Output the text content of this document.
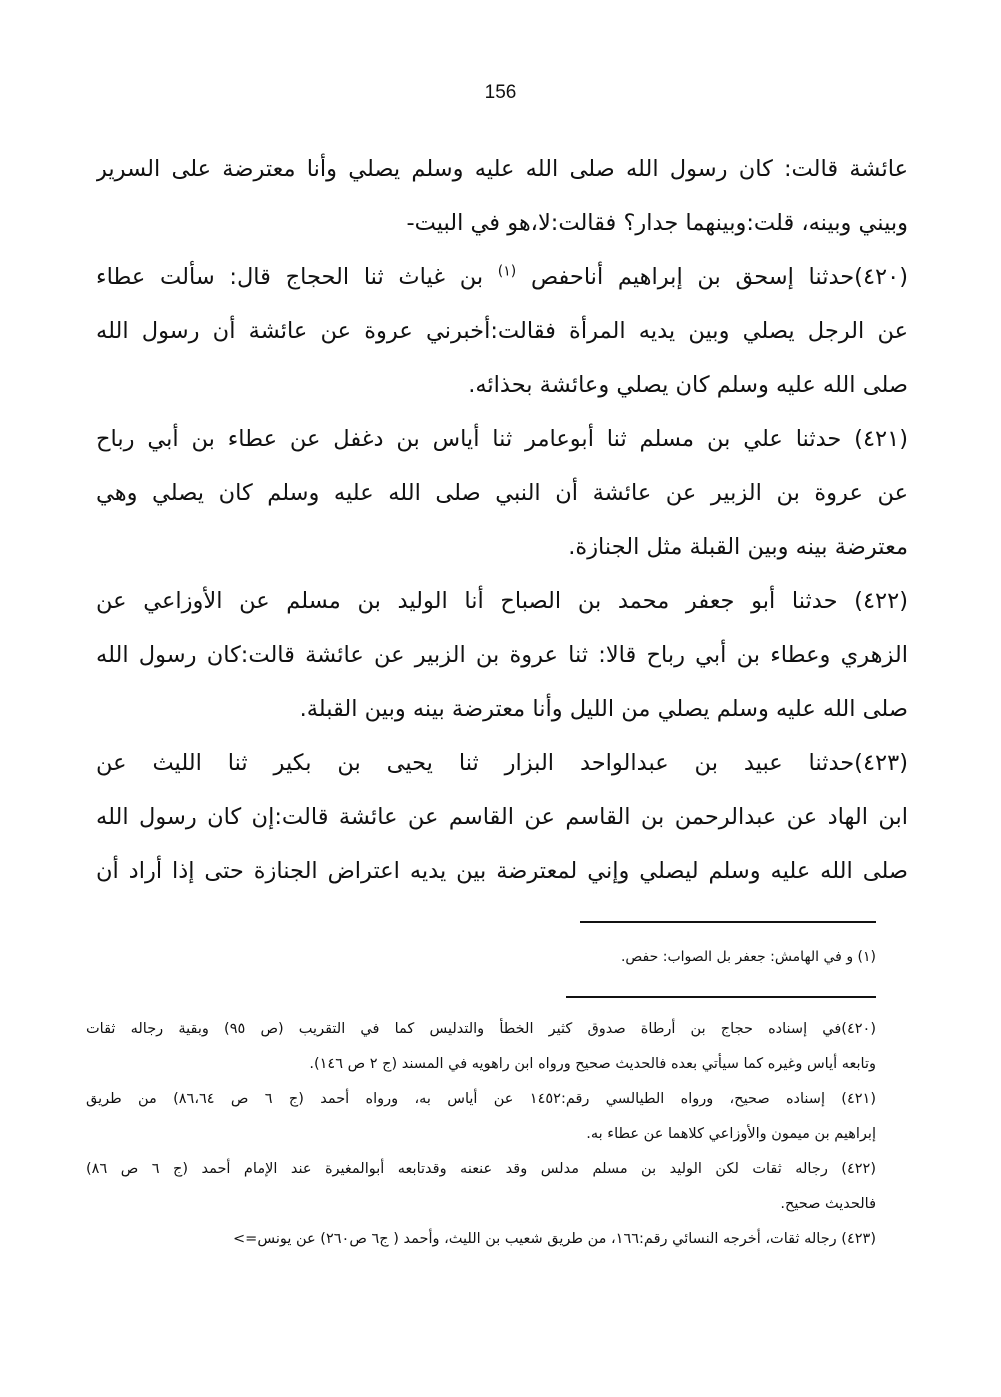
156
عائشة قالت: كان رسول الله صلى الله عليه وسلم يصلي وأنا معترضة على السرير
وبيني وبينه، قلت:وبينهما جدار؟ فقالت:لا،هو في البيت-
(٤٢٠)حدثنا إسحق بن إبراهيم أناحفص $^{(١)}$ بن غياث ثنا الحجاج قال: سألت عطاء
عن الرجل يصلي وبين يديه المرأة فقالت:أخبرني عروة عن عائشة أن رسول الله
صلى الله عليه وسلم كان يصلي وعائشة بحذائه.
(٤٢١) حدثنا علي بن مسلم ثنا أبوعامر ثنا أياس بن دغفل عن عطاء بن أبي رباح
عن عروة بن الزبير عن عائشة أن النبي صلى الله عليه وسلم كان يصلي وهي
معترضة بينه وبين القبلة مثل الجنازة.
(٤٢٢) حدثنا أبو جعفر محمد بن الصباح أنا الوليد بن مسلم عن الأوزاعي عن
الزهري وعطاء بن أبي رباح قالا: ثنا عروة بن الزبير عن عائشة قالت:كان رسول الله
صلى الله عليه وسلم يصلي من الليل وأنا معترضة بينه وبين القبلة.
(٤٢٣)حدثنا عبيد بن عبدالواحد البزار ثنا يحيى بن بكير ثنا الليث عن
ابن الهاد عن عبدالرحمن بن القاسم عن القاسم عن عائشة قالت:إن كان رسول الله
صلى الله عليه وسلم ليصلي وإني لمعترضة بين يديه اعتراض الجنازة حتى إذا أراد أن
(١) و في الهامش: جعفر بل الصواب: حفص.
(٤٢٠)في إسناده حجاج بن أرطاة صدوق كثير الخطأ والتدليس كما في التقريب (ص ٩٥) وبقية رجاله ثقات
وتابعه أياس وغيره كما سيأتي بعده فالحديث صحيح ورواه ابن راهويه في المسند (ج ٢ ص ١٤٦).
(٤٢١) إسناده صحيح، ورواه الطيالسي رقم:١٤٥٢ عن أياس به، ورواه أحمد (ج ٦ ص ٨٦،٦٤) من طريق
إبراهيم بن ميمون والأوزاعي كلاهما عن عطاء به.
(٤٢٢) رجاله ثقات لكن الوليد بن مسلم مدلس وقد عنعنه وقدتابعه أبوالمغيرة عند الإمام أحمد (ج ٦ ص ٨٦)
فالحديث صحيح.
(٤٢٣) رجاله ثقات، أخرجه النسائي رقم:١٦٦، من طريق شعيب بن الليث، وأحمد ( ج٦ ص٢٦٠) عن يونس=>
